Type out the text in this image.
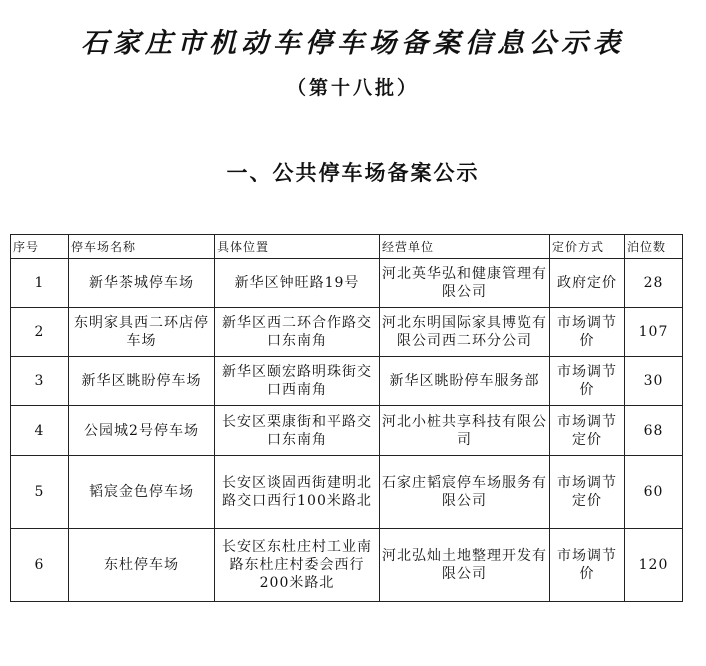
石家庄市机动车停车场备案信息公示表
（第十八批）
一、公共停车场备案公示
序号	停车场名称	具体位置	经营单位	定价方式	泊位数
1	新华茶城停车场	新华区钟旺路19号	河北英华弘和健康管理有限公司	政府定价	28
2	东明家具西二环店停车场	新华区西二环合作路交口东南角	河北东明国际家具博览有限公司西二环分公司	市场调节价	107
3	新华区眺盼停车场	新华区颐宏路明珠街交口西南角	新华区眺盼停车服务部	市场调节价	30
4	公园城2号停车场	长安区栗康街和平路交口东南角	河北小桩共享科技有限公司	市场调节定价	68
5	韬宸金色停车场	长安区谈固西街建明北路交口西行100米路北	石家庄韬宸停车场服务有限公司	市场调节定价	60
6	东杜停车场	长安区东杜庄村工业南路东杜庄村委会西行200米路北	河北弘灿土地整理开发有限公司	市场调节价	120
